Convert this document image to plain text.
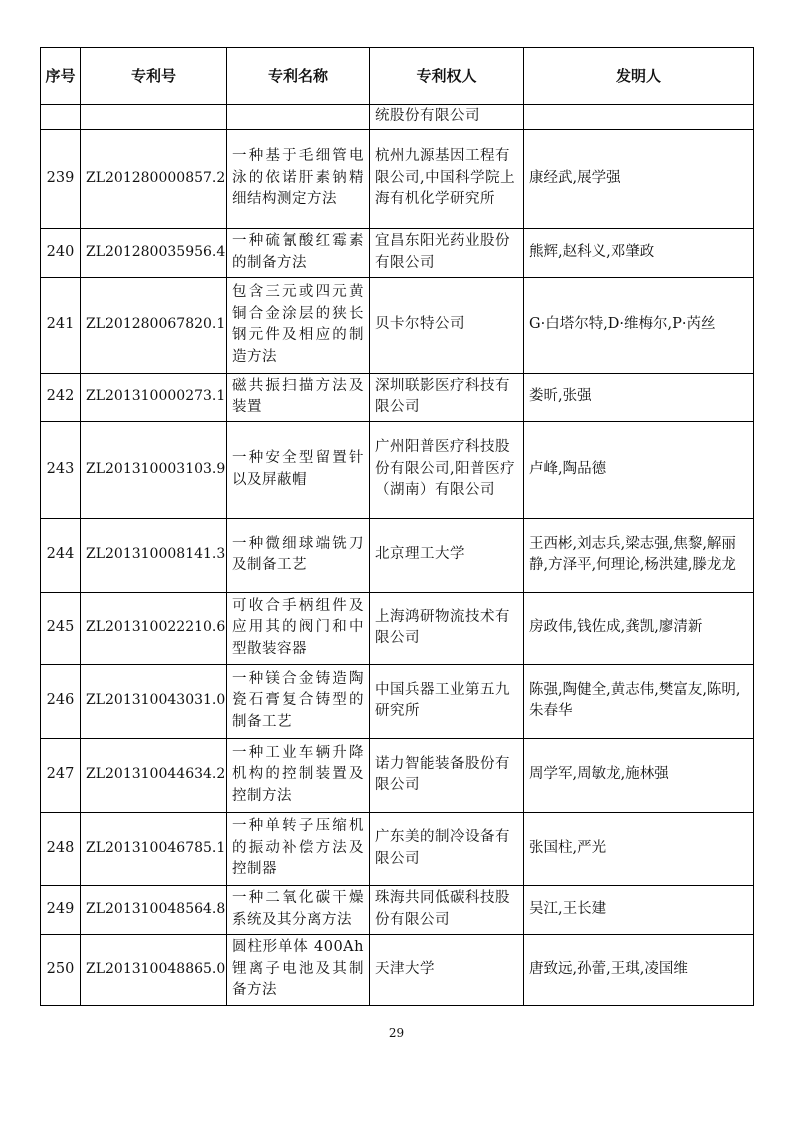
序号	专利号	专利名称	专利权人	发明人
			统股份有限公司	
239	ZL201280000857.2	一种基于毛细管电泳的依诺肝素钠精细结构测定方法	杭州九源基因工程有限公司,中国科学院上海有机化学研究所	康经武,展学强
240	ZL201280035956.4	一种硫氰酸红霉素的制备方法	宜昌东阳光药业股份有限公司	熊辉,赵科义,邓肇政
241	ZL201280067820.1	包含三元或四元黄铜合金涂层的狭长钢元件及相应的制造方法	贝卡尔特公司	G·白塔尔特,D·维梅尔,P·芮丝
242	ZL201310000273.1	磁共振扫描方法及装置	深圳联影医疗科技有限公司	娄昕,张强
243	ZL201310003103.9	一种安全型留置针以及屏蔽帽	广州阳普医疗科技股份有限公司,阳普医疗（湖南）有限公司	卢峰,陶品德
244	ZL201310008141.3	一种微细球端铣刀及制备工艺	北京理工大学	王西彬,刘志兵,梁志强,焦黎,解丽静,方泽平,何理论,杨洪建,滕龙龙
245	ZL201310022210.6	可收合手柄组件及应用其的阀门和中型散装容器	上海鸿研物流技术有限公司	房政伟,钱佐成,龚凯,廖清新
246	ZL201310043031.0	一种镁合金铸造陶瓷石膏复合铸型的制备工艺	中国兵器工业第五九研究所	陈强,陶健全,黄志伟,樊富友,陈明,朱春华
247	ZL201310044634.2	一种工业车辆升降机构的控制装置及控制方法	诺力智能装备股份有限公司	周学军,周敏龙,施林强
248	ZL201310046785.1	一种单转子压缩机的振动补偿方法及控制器	广东美的制冷设备有限公司	张国柱,严光
249	ZL201310048564.8	一种二氧化碳干燥系统及其分离方法	珠海共同低碳科技股份有限公司	吴江,王长建
250	ZL201310048865.0	圆柱形单体 400Ah锂离子电池及其制备方法	天津大学	唐致远,孙蕾,王琪,凌国维
29
